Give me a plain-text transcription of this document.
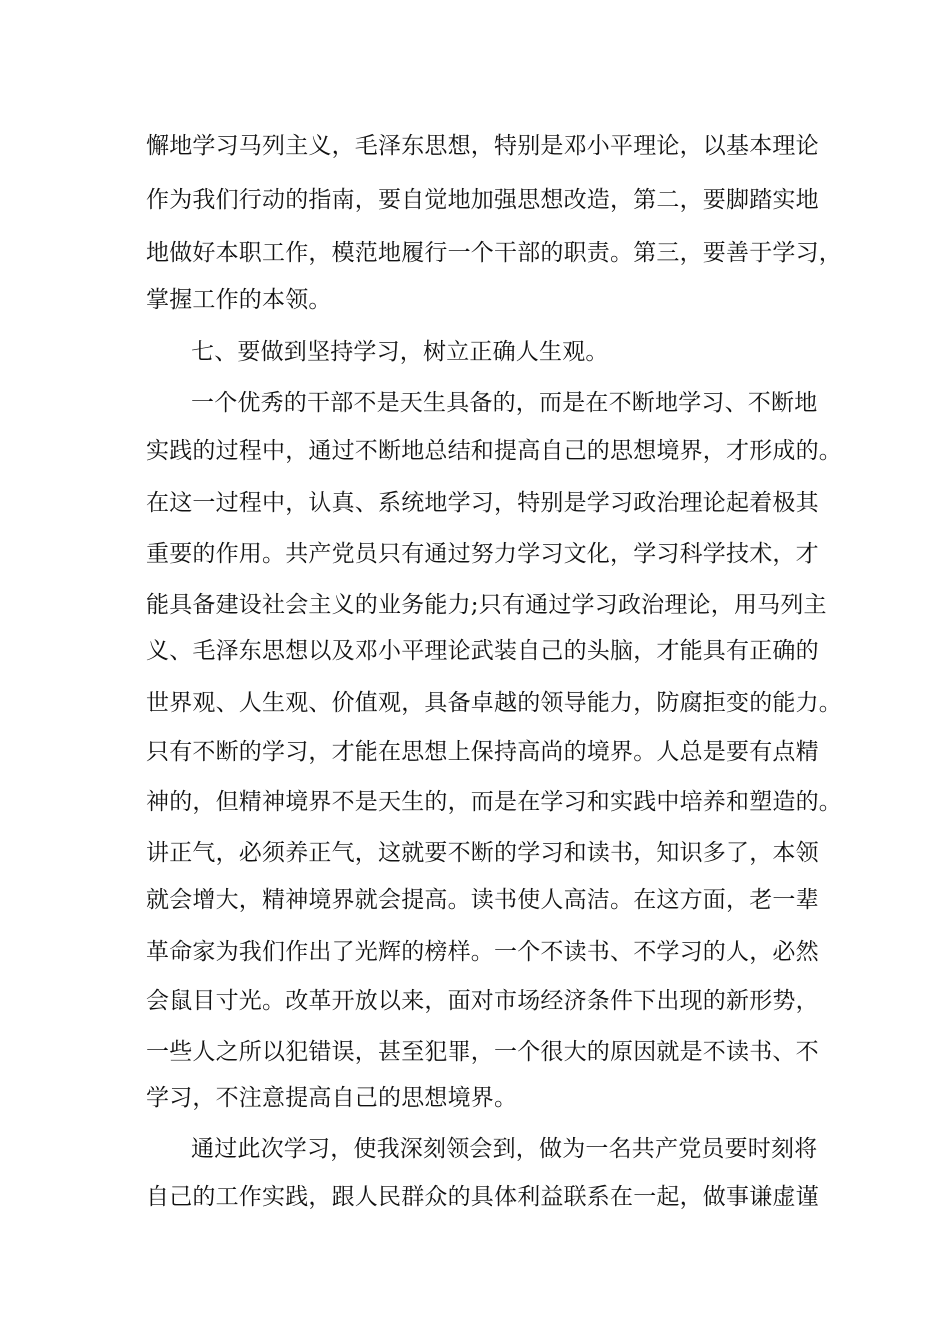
懈地学习马列主义，毛泽东思想，特别是邓小平理论，以基本理论
作为我们行动的指南，要自觉地加强思想改造，第二，要脚踏实地
地做好本职工作，模范地履行一个干部的职责。第三，要善于学习，
掌握工作的本领。
七、要做到坚持学习，树立正确人生观。
一个优秀的干部不是天生具备的，而是在不断地学习、不断地
实践的过程中，通过不断地总结和提高自己的思想境界，才形成的。
在这一过程中，认真、系统地学习，特别是学习政治理论起着极其
重要的作用。共产党员只有通过努力学习文化，学习科学技术，才
能具备建设社会主义的业务能力;只有通过学习政治理论，用马列主
义、毛泽东思想以及邓小平理论武装自己的头脑，才能具有正确的
世界观、人生观、价值观，具备卓越的领导能力，防腐拒变的能力。
只有不断的学习，才能在思想上保持高尚的境界。人总是要有点精
神的，但精神境界不是天生的，而是在学习和实践中培养和塑造的。
讲正气，必须养正气，这就要不断的学习和读书，知识多了，本领
就会增大，精神境界就会提高。读书使人高洁。在这方面，老一辈
革命家为我们作出了光辉的榜样。一个不读书、不学习的人，必然
会鼠目寸光。改革开放以来，面对市场经济条件下出现的新形势，
一些人之所以犯错误，甚至犯罪，一个很大的原因就是不读书、不
学习，不注意提高自己的思想境界。
通过此次学习，使我深刻领会到，做为一名共产党员要时刻将
自己的工作实践，跟人民群众的具体利益联系在一起，做事谦虚谨
